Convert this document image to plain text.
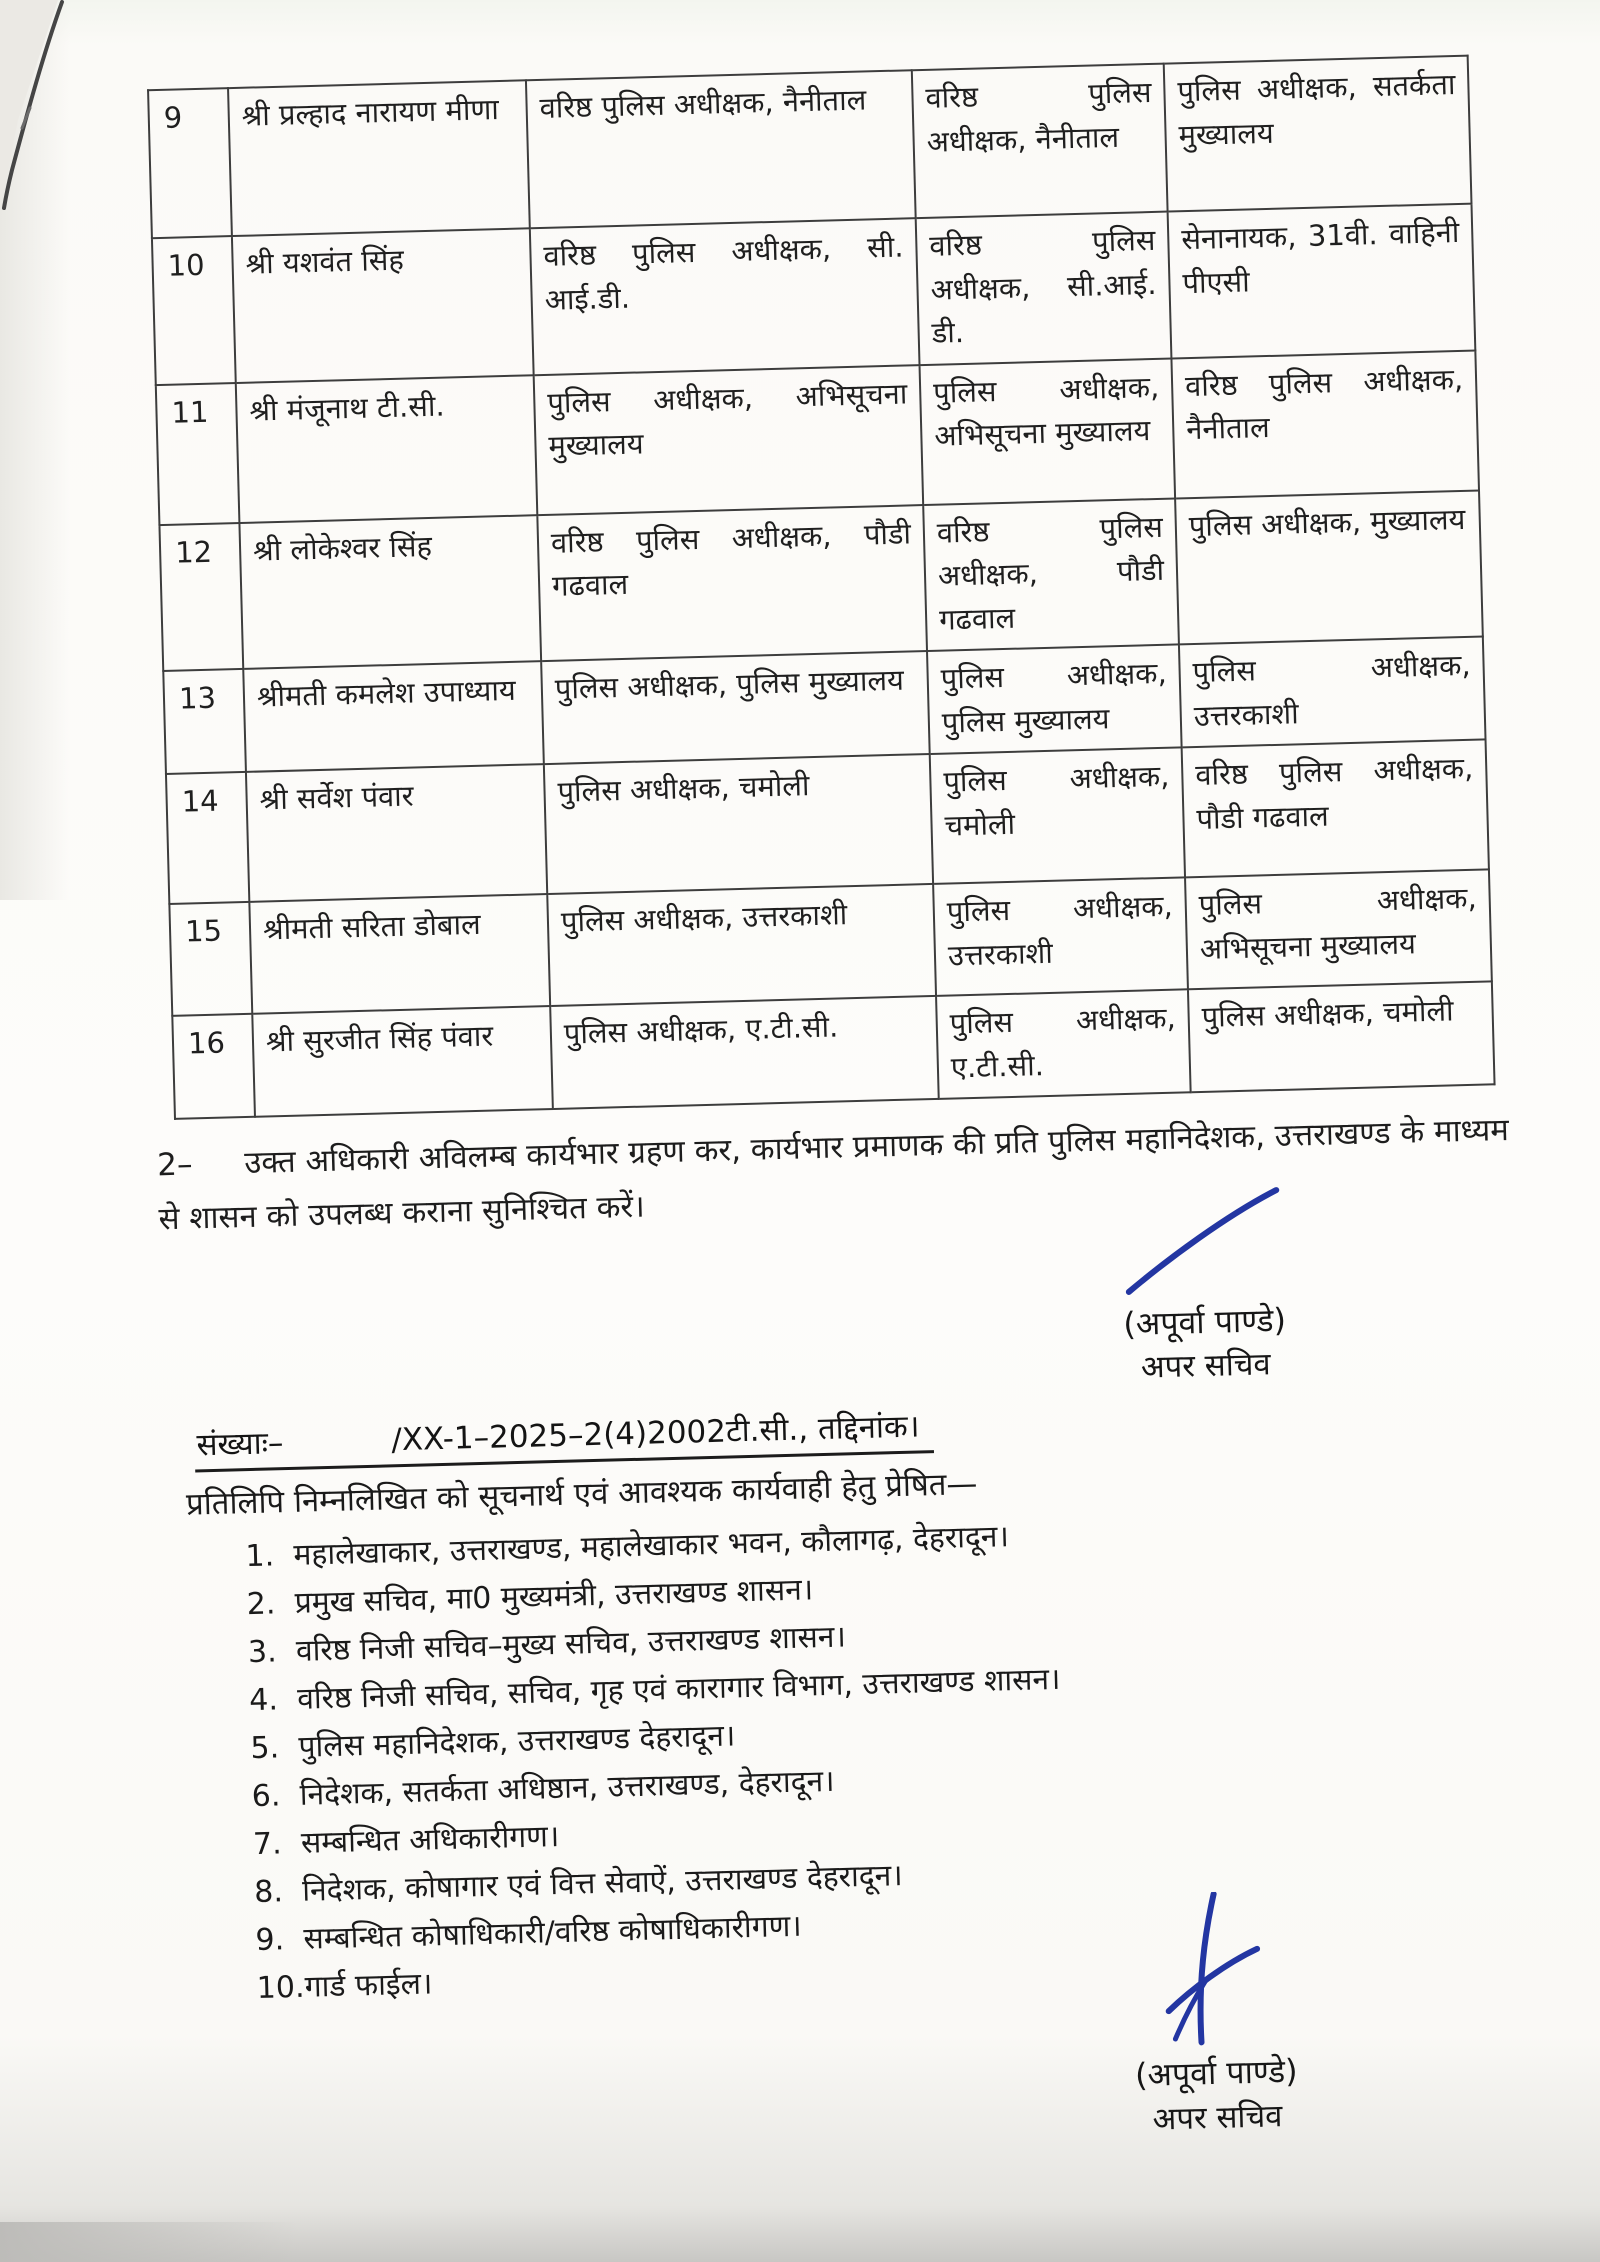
9	श्री प्रल्हाद नारायण मीणा	वरिष्ठ पुलिस अधीक्षक, नैनीताल	वरिष्ठ पुलिस अधीक्षक, नैनीताल	पुलिस अधीक्षक, सतर्कता मुख्यालय
10	श्री यशवंत सिंह	वरिष्ठ पुलिस अधीक्षक, सी. आई.डी.	वरिष्ठ पुलिस अधीक्षक, सी.आई. डी.	सेनानायक, 31वी. वाहिनी पीएसी
11	श्री मंजूनाथ टी.सी.	पुलिस अधीक्षक, अभिसूचना मुख्यालय	पुलिस अधीक्षक, अभिसूचना मुख्यालय	वरिष्ठ पुलिस अधीक्षक, नैनीताल
12	श्री लोकेश्वर सिंह	वरिष्ठ पुलिस अधीक्षक, पौडी गढवाल	वरिष्ठ पुलिस अधीक्षक, पौडी गढवाल	पुलिस अधीक्षक, मुख्यालय
13	श्रीमती कमलेश उपाध्याय	पुलिस अधीक्षक, पुलिस मुख्यालय	पुलिस अधीक्षक, पुलिस मुख्यालय	पुलिस अधीक्षक, उत्तरकाशी
14	श्री सर्वेश पंवार	पुलिस अधीक्षक, चमोली	पुलिस अधीक्षक, चमोली	वरिष्ठ पुलिस अधीक्षक, पौडी गढवाल
15	श्रीमती सरिता डोबाल	पुलिस अधीक्षक, उत्तरकाशी	पुलिस अधीक्षक, उत्तरकाशी	पुलिस अधीक्षक, अभिसूचना मुख्यालय
16	श्री सुरजीत सिंह पंवार	पुलिस अधीक्षक, ए.टी.सी.	पुलिस अधीक्षक, ए.टी.सी.	पुलिस अधीक्षक, चमोली
2– उक्त अधिकारी अविलम्ब कार्यभार ग्रहण कर, कार्यभार प्रमाणक की प्रति पुलिस महानिदेशक, उत्तराखण्ड के माध्यम से शासन को उपलब्ध कराना सुनिश्चित करें।
(अपूर्वा पाण्डे)
अपर सचिव
संख्याः–	/XX-1–2025–2(4)2002टी.सी., तद्दिनांक।
प्रतिलिपि निम्नलिखित को सूचनार्थ एवं आवश्यक कार्यवाही हेतु प्रेषित—
1. महालेखाकार, उत्तराखण्ड, महालेखाकार भवन, कौलागढ़, देहरादून।
2. प्रमुख सचिव, मा0 मुख्यमंत्री, उत्तराखण्ड शासन।
3. वरिष्ठ निजी सचिव–मुख्य सचिव, उत्तराखण्ड शासन।
4. वरिष्ठ निजी सचिव, सचिव, गृह एवं कारागार विभाग, उत्तराखण्ड शासन।
5. पुलिस महानिदेशक, उत्तराखण्ड देहरादून।
6. निदेशक, सतर्कता अधिष्ठान, उत्तराखण्ड, देहरादून।
7. सम्बन्धित अधिकारीगण।
8. निदेशक, कोषागार एवं वित्त सेवाऐं, उत्तराखण्ड देहरादून।
9. सम्बन्धित कोषाधिकारी/वरिष्ठ कोषाधिकारीगण।
10.गार्ड फाईल।
(अपूर्वा पाण्डे)
अपर सचिव
